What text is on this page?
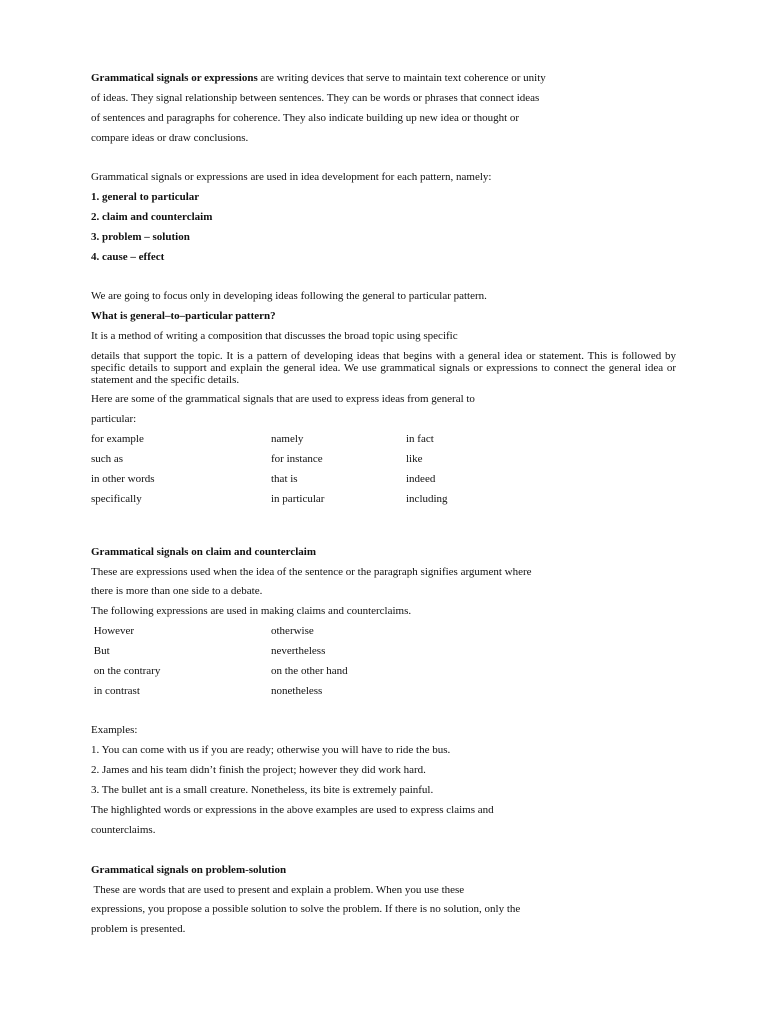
Grammatical signals or expressions are writing devices that serve to maintain text coherence or unity
of ideas. They signal relationship between sentences. They can be words or phrases that connect ideas
of sentences and paragraphs for coherence. They also indicate building up new idea or thought or
compare ideas or draw conclusions.
Grammatical signals or expressions are used in idea development for each pattern, namely:
1. general to particular
2. claim and counterclaim
3. problem – solution
4. cause – effect
We are going to focus only in developing ideas following the general to particular pattern.
What is general–to–particular pattern?
It is a method of writing a composition that discusses the broad topic using specific
details that support the topic. It is a pattern of developing ideas that begins with a general idea or statement. This is followed by specific details to support and explain the general idea. We use grammatical signals or expressions to connect the general idea or statement and the specific details.
Here are some of the grammatical signals that are used to express ideas from general to
particular:
for example	namely	in fact
such as	for instance	like
in other words	that is	indeed
specifically	in particular	including
Grammatical signals on claim and counterclaim
These are expressions used when the idea of the sentence or the paragraph signifies argument where
there is more than one side to a debate.
The following expressions are used in making claims and counterclaims.
However	otherwise
But	nevertheless
on the contrary	on the other hand
in contrast	nonetheless
Examples:
1. You can come with us if you are ready; otherwise you will have to ride the bus.
2. James and his team didn’t finish the project; however they did work hard.
3. The bullet ant is a small creature. Nonetheless, its bite is extremely painful.
The highlighted words or expressions in the above examples are used to express claims and
counterclaims.
Grammatical signals on problem-solution
These are words that are used to present and explain a problem. When you use these
expressions, you propose a possible solution to solve the problem. If there is no solution, only the
problem is presented.
